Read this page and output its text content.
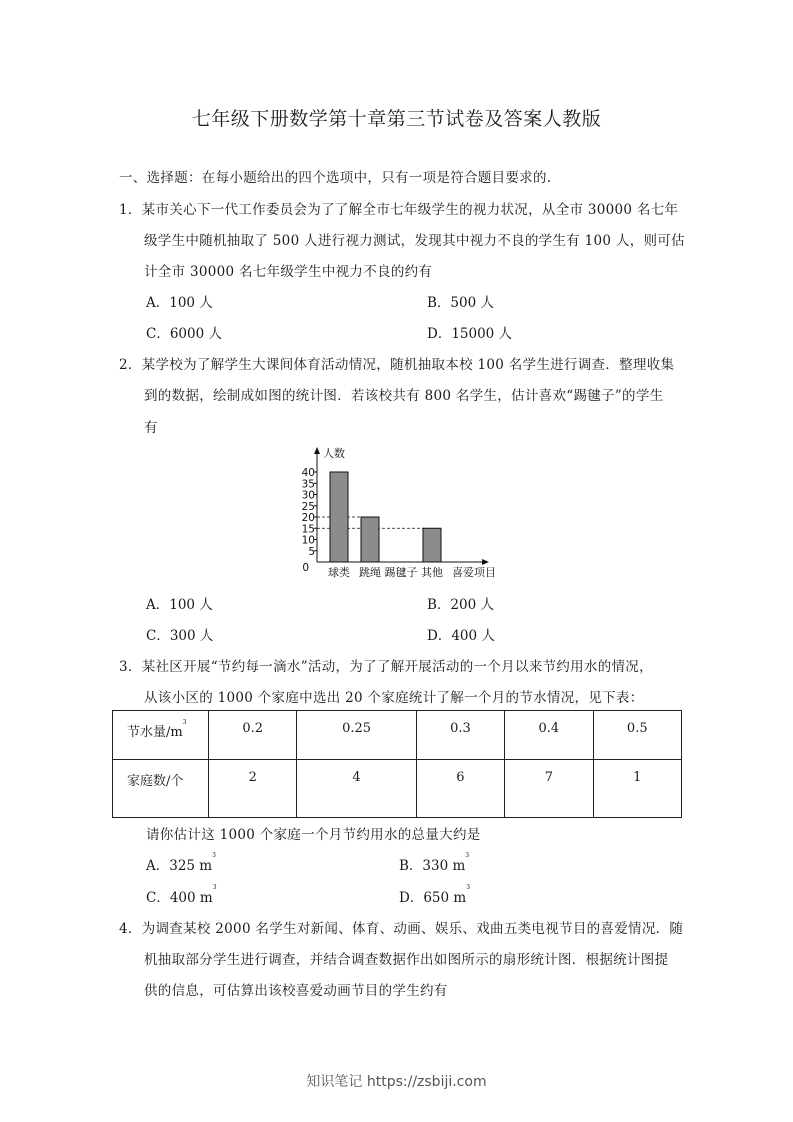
七年级下册数学第十章第三节试卷及答案人教版
一、选择题：在每小题给出的四个选项中，只有一项是符合题目要求的.
1．某市关心下一代工作委员会为了了解全市七年级学生的视力状况，从全市 30000 名七年
级学生中随机抽取了 500 人进行视力测试，发现其中视力不良的学生有 100 人，则可估
计全市 30000 名七年级学生中视力不良的约有
A．100 人	B．500 人
C．6000 人	D．15000 人
2．某学校为了解学生大课间体育活动情况，随机抽取本校 100 名学生进行调查．整理收集
到的数据，绘制成如图的统计图．若该校共有 800 名学生，估计喜欢“踢毽子”的学生
有
人数
0
5
10
15
20
25
30
35
40
球类 跳绳 踢毽子 其他 喜爱项目
A．100 人	B．200 人
C．300 人	D．400 人
3．某社区开展“节约每一滴水”活动，为了了解开展活动的一个月以来节约用水的情况，
从该小区的 1000 个家庭中选出 20 个家庭统计了解一个月的节水情况，见下表：
节水量$/m^3$	0.2	0.25	0.3	0.4	0.5
家庭数/个	2	4	6	7	1
请你估计这 1000 个家庭一个月节约用水的总量大约是
A．325 $m^3$
B．330 $m^3$
C．400 $m^3$
D．650 $m^3$
4．为调查某校 2000 名学生对新闻、体育、动画、娱乐、戏曲五类电视节目的喜爱情况．随
机抽取部分学生进行调查，并结合调查数据作出如图所示的扇形统计图．根据统计图提
供的信息，可估算出该校喜爱动画节目的学生约有
知识笔记 https://zsbiji.com
